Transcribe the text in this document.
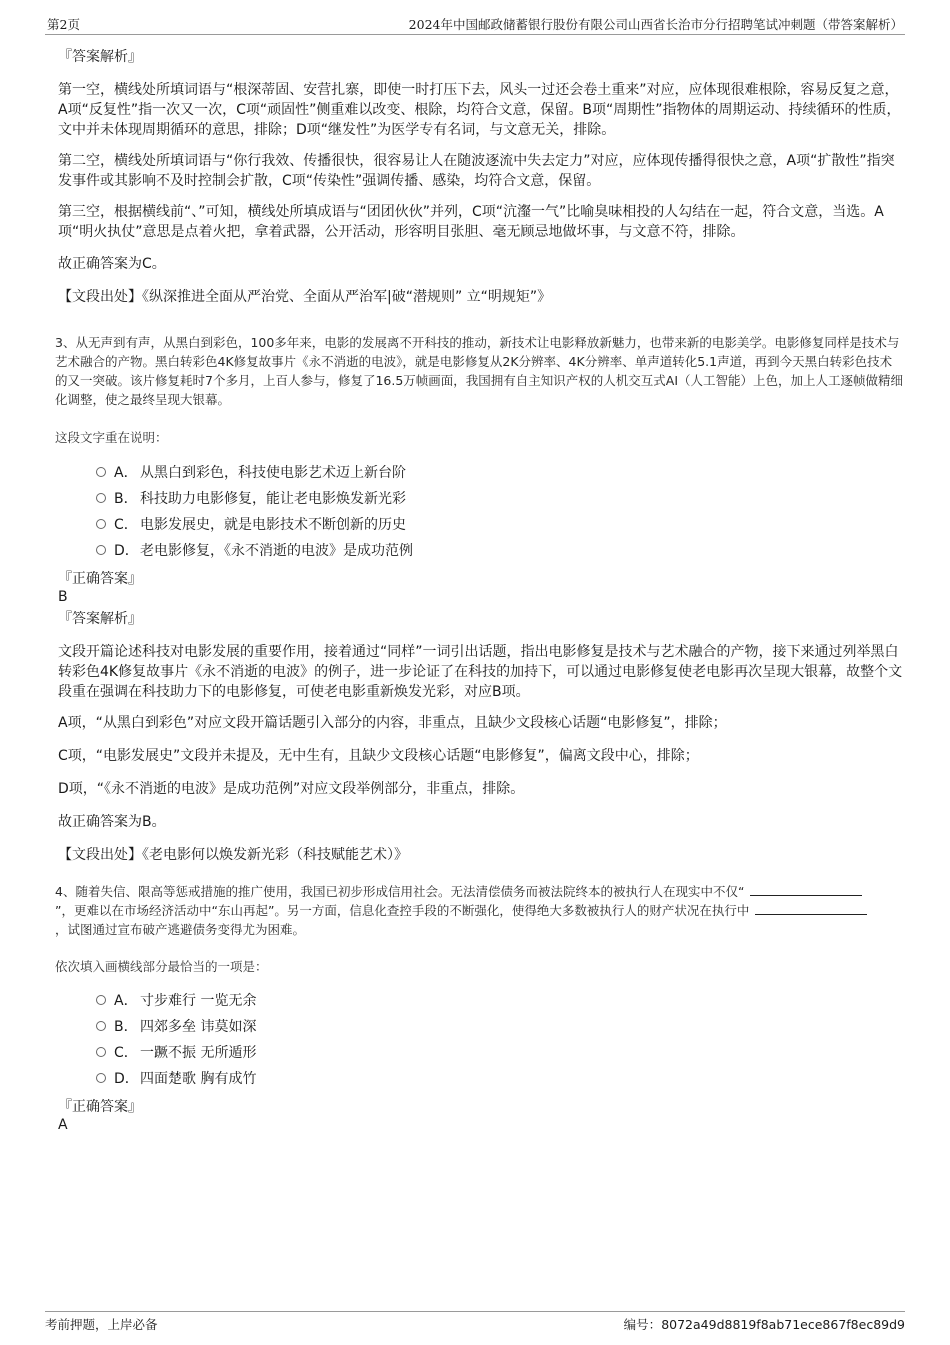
第2页	2024年中国邮政储蓄银行股份有限公司山西省长治市分行招聘笔试冲刺题（带答案解析）
『答案解析』
第一空，横线处所填词语与“根深蒂固、安营扎寨，即使一时打压下去，风头一过还会卷土重来”对应，应体现很难根除，容易反复之意，A项“反复性”指一次又一次，C项“顽固性”侧重难以改变、根除，均符合文意，保留。B项“周期性”指物体的周期运动、持续循环的性质，文中并未体现周期循环的意思，排除；D项“继发性”为医学专有名词，与文意无关，排除。
第二空，横线处所填词语与“你行我效、传播很快，很容易让人在随波逐流中失去定力”对应，应体现传播得很快之意，A项“扩散性”指突发事件或其影响不及时控制会扩散，C项“传染性”强调传播、感染，均符合文意，保留。
第三空，根据横线前“、”可知，横线处所填成语与“团团伙伙”并列，C项“沆瀣一气”比喻臭味相投的人勾结在一起，符合文意，当选。A项“明火执仗”意思是点着火把，拿着武器，公开活动，形容明目张胆、毫无顾忌地做坏事，与文意不符，排除。
故正确答案为C。
【文段出处】《纵深推进全面从严治党、全面从严治军|破“潜规则” 立“明规矩”》
3、从无声到有声，从黑白到彩色，100多年来，电影的发展离不开科技的推动，新技术让电影释放新魅力，也带来新的电影美学。电影修复同样是技术与艺术融合的产物。黑白转彩色4K修复故事片《永不消逝的电波》，就是电影修复从2K分辨率、4K分辨率、单声道转化5.1声道，再到今天黑白转彩色技术的又一突破。该片修复耗时7个多月，上百人参与，修复了16.5万帧画面，我国拥有自主知识产权的人机交互式AI（人工智能）上色，加上人工逐帧做精细化调整，使之最终呈现大银幕。
这段文字重在说明：
A． 从黑白到彩色，科技使电影艺术迈上新台阶
B． 科技助力电影修复，能让老电影焕发新光彩
C． 电影发展史，就是电影技术不断创新的历史
D．老电影修复，《永不消逝的电波》是成功范例
『正确答案』
B
『答案解析』
文段开篇论述科技对电影发展的重要作用，接着通过“同样”一词引出话题，指出电影修复是技术与艺术融合的产物，接下来通过列举黑白转彩色4K修复故事片《永不消逝的电波》的例子，进一步论证了在科技的加持下，可以通过电影修复使老电影再次呈现大银幕，故整个文段重在强调在科技助力下的电影修复，可使老电影重新焕发光彩，对应B项。
A项，“从黑白到彩色”对应文段开篇话题引入部分的内容，非重点，且缺少文段核心话题“电影修复”，排除；
C项，“电影发展史”文段并未提及，无中生有，且缺少文段核心话题“电影修复”，偏离文段中心，排除；
D项，“《永不消逝的电波》是成功范例”对应文段举例部分，非重点，排除。
故正确答案为B。
【文段出处】《老电影何以焕发新光彩（科技赋能艺术）》
4、随着失信、限高等惩戒措施的推广使用，我国已初步形成信用社会。无法清偿债务而被法院终本的被执行人在现实中不仅“
”，更难以在市场经济活动中“东山再起”。另一方面，信息化查控手段的不断强化，使得绝大多数被执行人的财产状况在执行中
，试图通过宣布破产逃避债务变得尤为困难。
依次填入画横线部分最恰当的一项是：
A． 寸步难行 一览无余
B． 四郊多垒 讳莫如深
C． 一蹶不振 无所遁形
D．四面楚歌 胸有成竹
『正确答案』
A
考前押题，上岸必备	编号：8072a49d8819f8ab71ece867f8ec89d9
